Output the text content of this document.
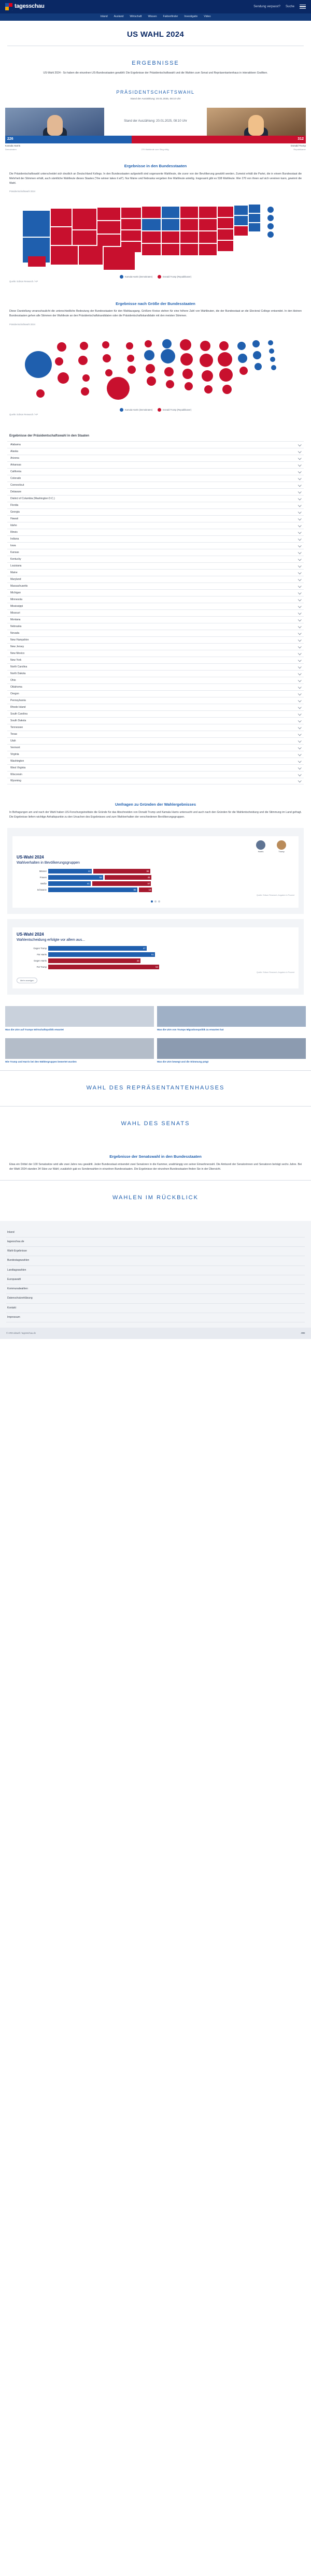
tagesschau	Sendung verpasst? Suche
Inland Ausland Wirtschaft Wissen Faktenfinder Investigativ Video
US WAHL 2024
ERGEBNISSE
US-Wahl 2024 - So haben die einzelnen US-Bundesstaaten gewählt: Die Ergebnisse der Präsidentschaftswahl und die Wahlen zum Senat und Repräsentantenhaus in interaktiven Grafiken.
PRÄSIDENTSCHAFTSWAHL
Stand der Auszählung: 20.01.2025, 08:10 Uhr
Stand der Auszählung: 20.01.2025, 08:10 Uhr
226	312
Kamala Harris	Donald Trump
Demokraten	270 Wahlleute zum Sieg nötig	Republikaner
Ergebnisse in den Bundesstaaten
Die Präsidentschaftswahl unterscheidet sich deutlich an Deutschland Kollegs. In den Bundesstaaten aufgestellt sind sogenannte Wahlleute, die zuvor von der Bevölkerung gewählt werden. Zumeist erhält die Partei, die in einem Bundesstaat die Mehrheit der Stimmen erhält, auch sämtliche Wahlleute dieses Staates ("the winner takes it all"). Nur Maine und Nebraska vergeben ihre Wahlleute anteilig. Insgesamt gibt es 538 Wahlleute. Wer 270 von ihnen auf sich vereinen kann, gewinnt die Wahl.
Präsidentschaftswahl 2024
Kamala Harris (Demokraten)	Donald Trump (Republikaner)
Quelle: Edison Research / AP
Ergebnisse nach Größe der Bundesstaaten
Diese Darstellung veranschaulicht die unterschiedliche Bedeutung der Bundesstaaten für den Wahlausgang. Größere Kreise stehen für eine höhere Zahl von Wahlleuten, die der Bundesstaat an die Electoral College entsendet. In den kleinen Bundesstaaten gehen alle Stimmen der Wahlleute an den Präsidentschaftskandidaten oder die Präsidentschaftskandidatin mit den meisten Stimmen.
Präsidentschaftswahl 2024
Kamala Harris (Demokraten)	Donald Trump (Republikaner)
Quelle: Edison Research / AP
Ergebnisse der Präsidentschaftswahl in den Staaten
Alabama
Alaska
Arizona
Arkansas
California
Colorado
Connecticut
Delaware
District of Columbia (Washington D.C.)
Florida
Georgia
Hawaii
Idaho
Illinois
Indiana
Iowa
Kansas
Kentucky
Louisiana
Maine
Maryland
Massachusetts
Michigan
Minnesota
Mississippi
Missouri
Montana
Nebraska
Nevada
New Hampshire
New Jersey
New Mexico
New York
North Carolina
North Dakota
Ohio
Oklahoma
Oregon
Pennsylvania
Rhode Island
South Carolina
South Dakota
Tennessee
Texas
Utah
Vermont
Virginia
Washington
West Virginia
Wisconsin
Wyoming
Umfragen zu Gründen der Wahlergebnisses
In Befragungen am und nach der Wahl haben US-Forschungsinstitute die Gründe für das Abschneiden von Donald Trump und Kamala Harris untersucht und auch nach den Gründen für die Wahlentscheidung und die Stimmung im Land gefragt. Die Ergebnisse liefern wichtige Anhaltspunkte zu den Ursachen des Ergebnisses und zum Wahlverhalten der verschiedenen Bevölkerungsgruppen.
Harris	Trump
US-Wahl 2024
Wahlverhalten in Bevölkerungsgruppen
Männer	42	55
Frauen	53	45
Weiße	41	57
Schwarze	86	13
Quelle: Edison Research, Angaben in Prozent
US-Wahl 2024
Wahlentscheidung erfolgte vor allem aus...
Gegen Trump	47
Für Harris	51
Gegen Harris	44
Für Trump	53
Quelle: Edison Research, Angaben in Prozent
Mehr anzeigen
Was die USA auf Trumps Wirtschaftspolitik erwartet	Was die USA von Trumps Migrationspolitik zu erwarten hat
Wie Trump und Harris bei den Wählergruppen bewertet wurden	Was die USA bewegt und die Stimmung prägt
WAHL DES REPRÄSENTANTENHAUSES
WAHL DES SENATS
Ergebnisse der Senatswahl in den Bundesstaaten
Etwa ein Drittel der 100 Senatssitze wird alle zwei Jahre neu gewählt. Jeder Bundesstaat entsendet zwei Senatoren in die Kammer, unabhängig von seiner Einwohnerzahl. Die Amtszeit der Senatorinnen und Senatoren beträgt sechs Jahre. Bei der Wahl 2024 standen 34 Sitze zur Wahl; zusätzlich gab es Sonderwahlen in einzelnen Bundesstaaten. Die Ergebnisse der einzelnen Bundesstaaten finden Sie in der Übersicht.
WAHLEN IM RÜCKBLICK
Inland
tagesschau.de
Wahl-Ergebnisse
Bundestagswahlen
Landtagswahlen
Europawahl
Kommunalwahlen
Datenschutzerklärung
Kontakt
Impressum
© ARD-aktuell / tagesschau.de	ARD
